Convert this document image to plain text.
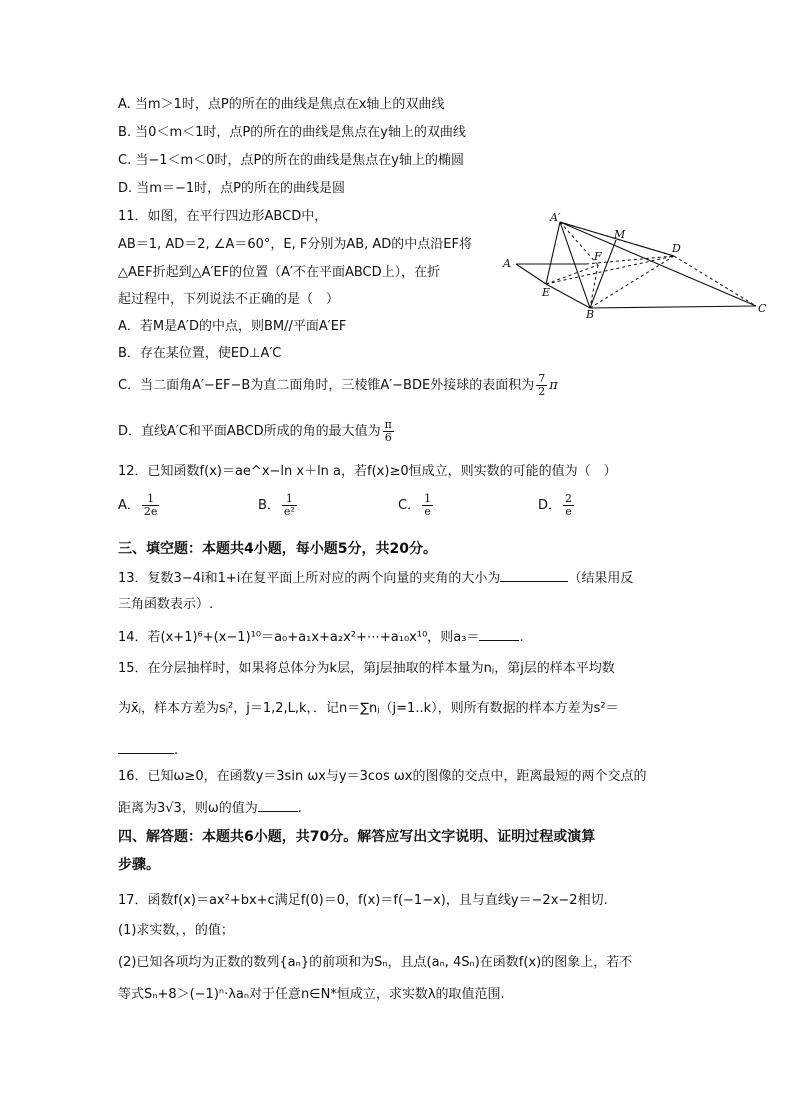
A. 当m＞1时，点P的所在的曲线是焦点在x轴上的双曲线
B. 当0＜m＜1时，点P的所在的曲线是焦点在y轴上的双曲线
C. 当−1＜m＜0时，点P的所在的曲线是焦点在y轴上的椭圆
D. 当m＝−1时，点P的所在的曲线是圆
11．如图，在平行四边形ABCD中，
AB＝1, AD＝2, ∠A＝60°，E, F分别为AB, AD的中点沿EF将
△AEF折起到△A′EF的位置（A′不在平面ABCD上），在折
起过程中，下列说法不正确的是（　）
A．若M是A′D的中点，则BM//平面A′EF
B．存在某位置，使ED⊥A′C
C．当二面角A′−EF−B为直二面角时，三棱锥A′−BDE外接球的表面积为 $\frac{7}{2}$ π
D．直线A′C和平面ABCD所成的角的最大值为 $\frac{\pi}{6}$
A′
M
A
F
D
E
B	C
12．已知函数f(x)＝ae^x−ln x＋ln a，若f(x)≥0恒成立，则实数的可能的值为（　）
A． $\frac{1}{2e}$	B． $\frac{1}{\text{e²}}$	C． $\frac{1}{e}$	D． $\frac{2}{e}$
三、填空题：本题共4小题，每小题5分，共20分。
13．复数3−4i和1+i在复平面上所对应的两个向量的夹角的大小为	（结果用反
三角函数表示）.
14．若(x+1)⁶+(x−1)¹⁰＝a₀+a₁x+a₂x²+⋯+a₁₀x¹⁰，则a₃＝	.
15．在分层抽样时，如果将总体分为k层，第j层抽取的样本量为nⱼ，第j层的样本平均数
为x̄ⱼ，样本方差为sⱼ²，j＝1,2,L,k，．记n＝∑nⱼ（j=1..k），则所有数据的样本方差为s²＝
.
16．已知ω≥0，在函数y＝3sin ωx与y＝3cos ωx的图像的交点中，距离最短的两个交点的
距离为3√3，则ω的值为	.
四、解答题：本题共6小题，共70分。解答应写出文字说明、证明过程或演算
步骤。
17．函数f(x)＝ax²+bx+c满足f(0)＝0，f(x)＝f(−1−x)，且与直线y＝−2x−2相切.
(1)求实数，，的值；
(2)已知各项均为正数的数列{aₙ}的前项和为Sₙ，且点(aₙ, 4Sₙ)在函数f(x)的图象上，若不
等式Sₙ+8＞(−1)ⁿ·λaₙ对于任意n∈N*恒成立，求实数λ的取值范围.
